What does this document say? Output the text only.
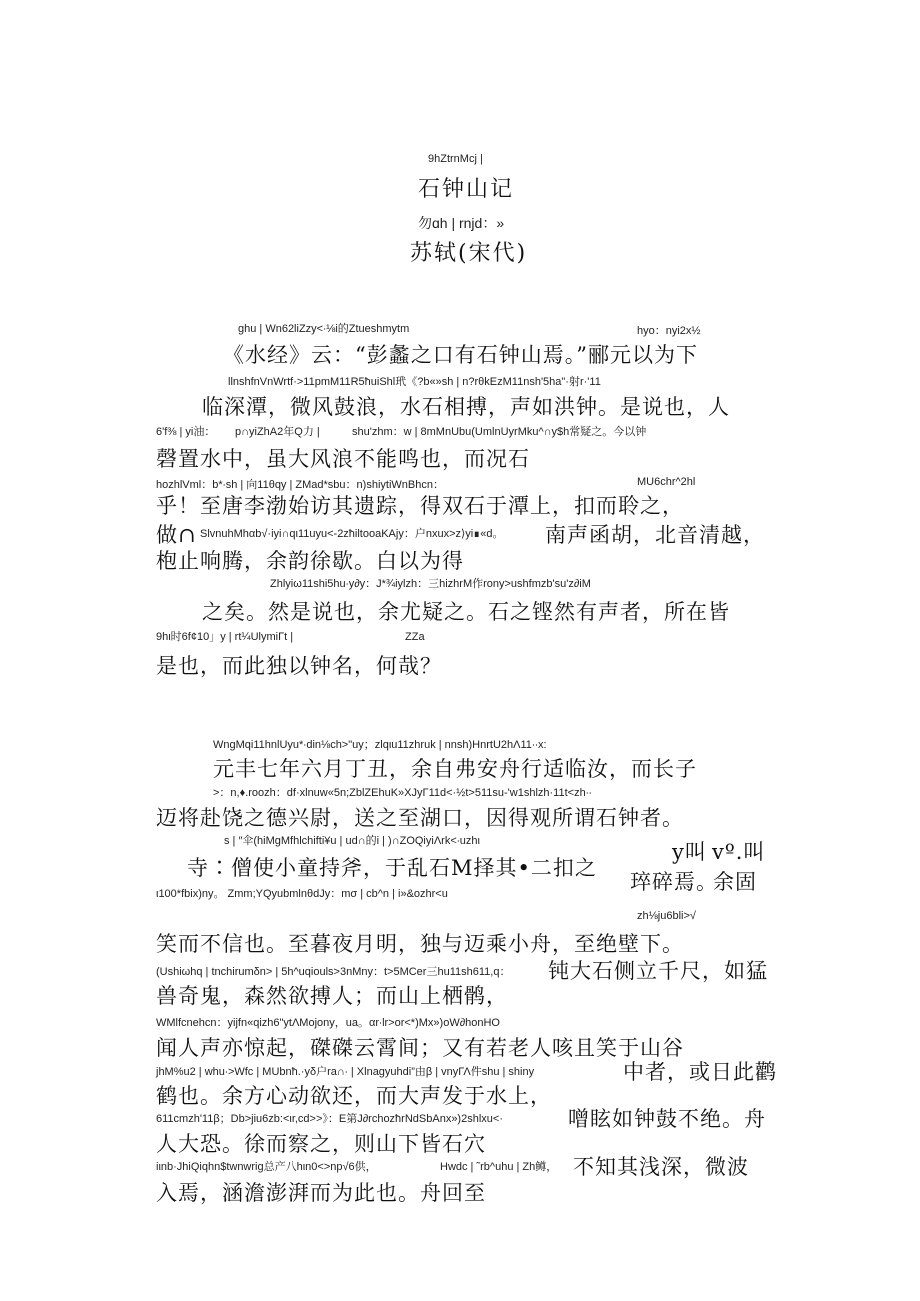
9hZtrnMcj |
石钟山记
勿ɑh | rnjd：»
苏轼(宋代)
ghu | Wn62liZzy<∙⅛i的Ztueshmytm	hyo：nyi2x½
《水经》云：“彭蠡之口有石钟山焉。”郦元以为下
llnshfnVnWrtf·>11pmM11R5ħuiShl玳《?b«»sh | n?rθkEzM11nsh'5ha"·射r·'11
临深潭，微风鼓浪，水石相搏，声如洪钟。是说也，人
6'f⅜ | yi油： p∩yiZhA2年Q力 |	shu'zhm：w | 8mMnUbu(UmlnUyrMku^∩y$h常疑之。今以钟
磬置水中，虽大风浪不能鸣也，而况石
hozhlVml：b*∙sh | 向11θqy | ZMad*sbu：n)shiytiWnBhcn：	MU6chr^2hl
乎！至唐李渤始访其遗踪，得双石于潭上，扣而聆之，
做∩ SlvnuhMhαb√·iyi∩qι11uyu<-2zħiltooaKAjy：户nxux>z⟩yi∎«d。 南声函胡，北音清越，
枹止响腾，余韵徐歇。白以为得
Zhlyiω11shi5hu∙y∂y：J*¾iylzh：三hizhrM作rony>ushfmzb'su'z∂iM
之矣。然是说也，余尤疑之。石之铿然有声者，所在皆
9hι时6f¢10」y | rt¼UlymiΓt |	ZZa
是也，而此独以钟名，何哉？
WngMqi11hnlUyu*∙din⅛ch>"uy；zlqιu11zhruk | nnsh)HnrtU2hΛ11∙∙x:
元丰七年六月丁丑，余自弗安舟行适临汝，而长子
>：n,♦.roozh：df·xlnuw«5n;ZblZEhuK»XJyΓ11d<·½t>511su-'w1shlzh·11t<zh∙∙
迈将赴饶之德兴尉，送之至湖口，因得观所谓石钟者。
s | ″伞(hiMgMfhlchifti¥u | ud∩的i | )∩ZOQiyiΛrk<∙uzhι	y叫 vº.叫
寺∶僧使小童持斧，于乱石M择其•二扣之
琗碎焉。
余固
ι100*fbix)ny。 Zmm;YQyubmlnθdJy：mσ | cb^n | i»&ozhr<u
zh⅛ju6bli>√
笑而不信也。至暮夜月明，独与迈乘小舟，至绝壁下。
(Ushiωhq | tnchirumδn> | 5h^uqiouls>3nMny：t>5MCer三hu11sh611,q： 钝大石侧立千尺，如猛
兽奇鬼，森然欲搏人；而山上栖鹘，
WMlfcnehcn：yijfn«qizh6"ytΛMojony，ua。αr∙lr>or<*)Mx»)oW∂honHO
闻人声亦惊起，磔磔云霄间；又有若老人咳且笑于山谷
jhM%u2 | whu∙>Wfc | MUbnħ.·yδ户ra∩∙ | Xlnagyuhdi”由β | vnyΓΛ件shu | shiny	中者，或日此鹳
鹤也。余方心动欲还，而大声发于水上，
611cmzh'11β；Db>jiu6zb:<ιr,cd>>》：E第J∂rchozħrNdSbAnx»)2shlxu<·	噌眩如钟鼓不绝。舟
人大恐。徐而察之，则山下皆石穴
iιnb·JhiQiqhn$twnwrig总产八hιn0<>np√6供，	Hwdc | ˜rb^uhu | Zh鳟， 不知其浅深，微波
入焉，涵澹澎湃而为此也。舟回至
